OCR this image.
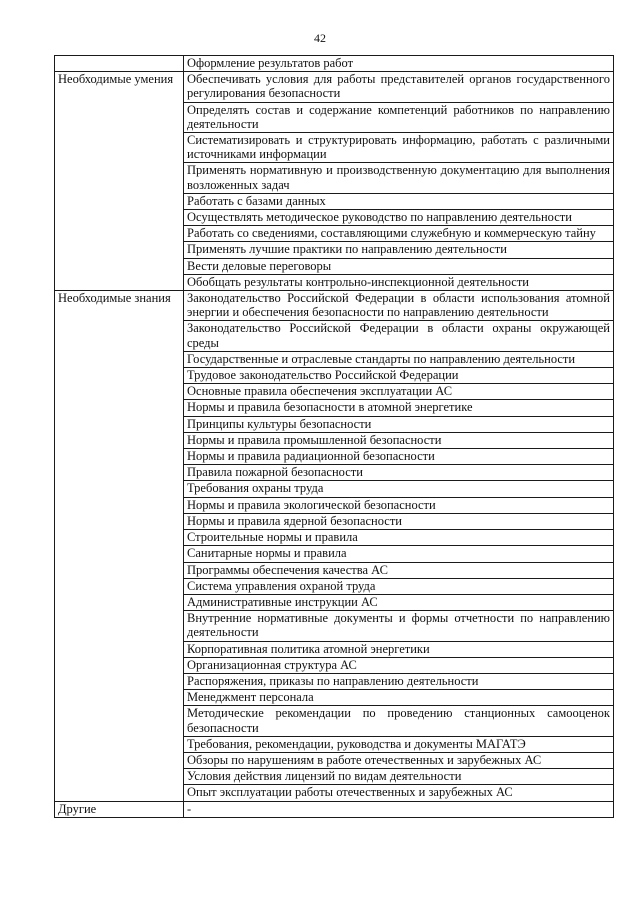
42
	Оформление результатов работ
Необходимые умения	Обеспечивать условия для работы представителей органов государственного регулирования безопасности
	Определять состав и содержание компетенций работников по направлению деятельности
	Систематизировать и структурировать информацию, работать с различными источниками информации
	Применять нормативную и производственную документацию для выполнения возложенных задач
	Работать с базами данных
	Осуществлять методическое руководство по направлению деятельности
	Работать со сведениями, составляющими служебную и коммерческую тайну
	Применять лучшие практики по направлению деятельности
	Вести деловые переговоры
	Обобщать результаты контрольно-инспекционной деятельности
Необходимые знания	Законодательство Российской Федерации в области использования атомной энергии и обеспечения безопасности по направлению деятельности
	Законодательство Российской Федерации в области охраны окружающей среды
	Государственные и отраслевые стандарты по направлению деятельности
	Трудовое законодательство Российской Федерации
	Основные правила обеспечения эксплуатации АС
	Нормы и правила безопасности в атомной энергетике
	Принципы культуры безопасности
	Нормы и правила промышленной безопасности
	Нормы и правила радиационной безопасности
	Правила пожарной безопасности
	Требования охраны труда
	Нормы и правила экологической безопасности
	Нормы и правила ядерной безопасности
	Строительные нормы и правила
	Санитарные нормы и правила
	Программы обеспечения качества АС
	Система управления охраной труда
	Административные инструкции АС
	Внутренние нормативные документы и формы отчетности по направлению деятельности
	Корпоративная политика атомной энергетики
	Организационная структура АС
	Распоряжения, приказы по направлению деятельности
	Менеджмент персонала
	Методические рекомендации по проведению станционных самооценок безопасности
	Требования, рекомендации, руководства и документы МАГАТЭ
	Обзоры по нарушениям в работе отечественных и зарубежных АС
	Условия действия лицензий по видам деятельности
	Опыт эксплуатации работы отечественных и зарубежных АС
Другие	-
